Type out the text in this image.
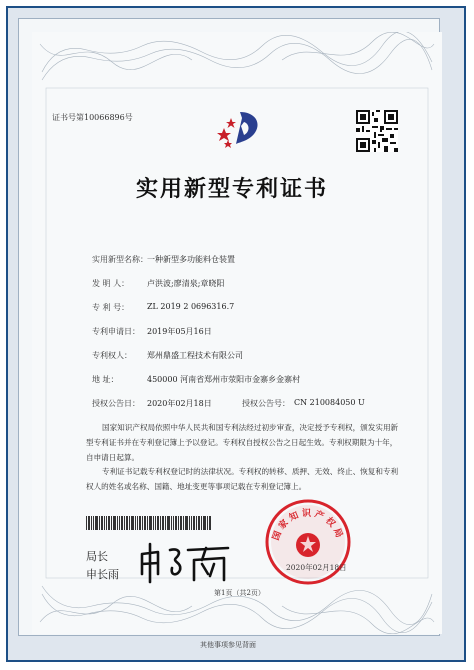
证书号第10066896号
实用新型专利证书
实用新型名称： 一种新型多功能料仓装置
发 明 人： 卢洪波;廖清泉;章晓阳
专 利 号： ZL 2019 2 0696316.7
专利申请日： 2019年05月16日
专利权人： 郑州鼎盛工程技术有限公司
地 址：	450000 河南省郑州市荥阳市金寨乡金寨村
授权公告日： 2020年02月18日	授权公告号： CN 210084050 U
国家知识产权局依照中华人民共和国专利法经过初步审查，决定授予专利权，颁发实用新型专利证书并在专利登记簿上予以登记。专利权自授权公告之日起生效。专利权期限为十年，自申请日起算。
专利证书记载专利权登记时的法律状况。专利权的转移、质押、无效、终止、恢复和专利权人的姓名或名称、国籍、地址变更等事项记载在专利登记簿上。
局长
申长雨
国家知识产权局
2020年02月18日
第1页（共2页）
其他事项参见背面
